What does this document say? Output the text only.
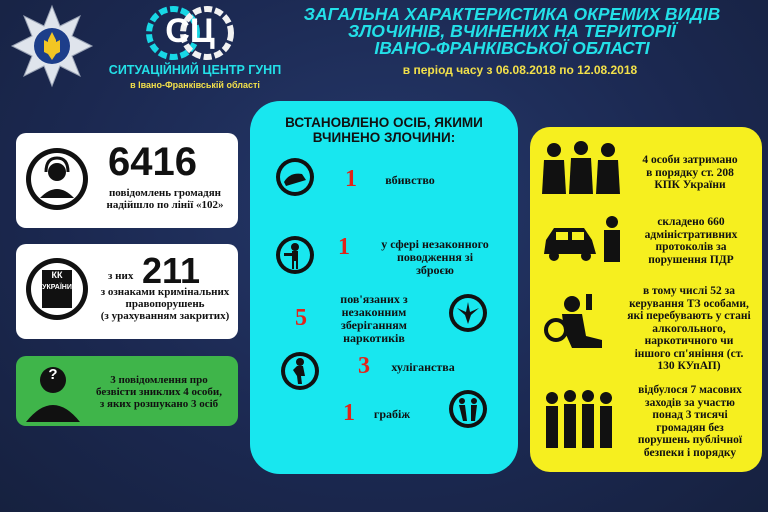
СЦ
СИТУАЦІЙНИЙ ЦЕНТР ГУНП
в Івано-Франківській області
ЗАГАЛЬНА ХАРАКТЕРИСТИКА ОКРЕМИХ ВИДІВ
ЗЛОЧИНІВ, ВЧИНЕНИХ НА ТЕРИТОРІЇ
ІВАНО-ФРАНКІВСЬКОЇ ОБЛАСТІ
в період часу з 06.08.2018 по 12.08.2018
6416
повідомлень громадян
надійшло по лінії «102»
КК
УКРАЇНИ
з них 211
з ознаками кримінальних
правопорушень
(з урахуванням закритих)
?	3 повідомлення про
безвісти зниклих 4 особи,
з яких розшукано 3 осіб
ВСТАНОВЛЕНО ОСІБ, ЯКИМИ
ВЧИНЕНО ЗЛОЧИНИ:
1	вбивство
1	у сфері незаконного
поводження зі
зброєю
5
пов'язаних з
незаконним
зберіганням
наркотиків
3	хуліганства
1	грабіж
4 особи затримано
в порядку ст. 208
КПК України
складено 660
адміністративних
протоколів за
порушення ПДР
в тому числі 52 за
керування ТЗ особами,
які перебувають у стані
алкогольного,
наркотичного чи
іншого сп'яніння (ст.
130 КУпАП)
відбулося 7 масових
заходів за участю
понад 3 тисячі
громадян без
порушень публічної
безпеки і порядку
